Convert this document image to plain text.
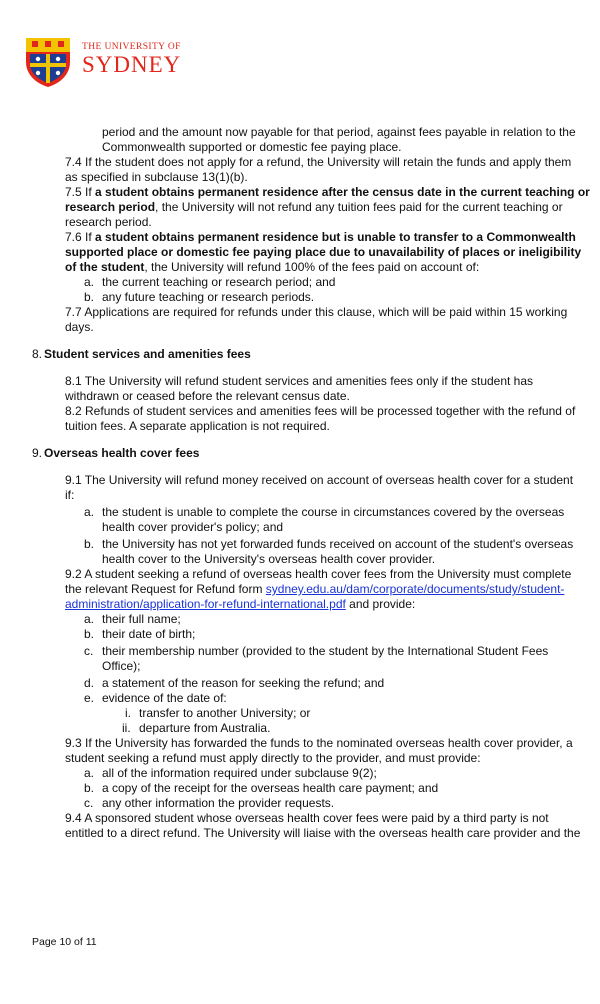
THE UNIVERSITY OF
SYDNEY
period and the amount now payable for that period, against fees payable in relation to the
Commonwealth supported or domestic fee paying place.
7.4 If the student does not apply for a refund, the University will retain the funds and apply them
as specified in subclause 13(1)(b).
7.5 If a student obtains permanent residence after the census date in the current teaching or
research period, the University will not refund any tuition fees paid for the current teaching or
research period.
7.6 If a student obtains permanent residence but is unable to transfer to a Commonwealth
supported place or domestic fee paying place due to unavailability of places or ineligibility
of the student, the University will refund 100% of the fees paid on account of:
a. the current teaching or research period; and
b. any future teaching or research periods.
7.7 Applications are required for refunds under this clause, which will be paid within 15 working
days.
8. Student services and amenities fees
8.1 The University will refund student services and amenities fees only if the student has
withdrawn or ceased before the relevant census date.
8.2 Refunds of student services and amenities fees will be processed together with the refund of
tuition fees. A separate application is not required.
9. Overseas health cover fees
9.1 The University will refund money received on account of overseas health cover for a student
if:
a. the student is unable to complete the course in circumstances covered by the overseas
health cover provider's policy; and
b. the University has not yet forwarded funds received on account of the student's overseas
health cover to the University's overseas health cover provider.
9.2 A student seeking a refund of overseas health cover fees from the University must complete
the relevant Request for Refund form sydney.edu.au/dam/corporate/documents/study/student-
administration/application-for-refund-international.pdf and provide:
a. their full name;
b. their date of birth;
c. their membership number (provided to the student by the International Student Fees
Office);
d. a statement of the reason for seeking the refund; and
e. evidence of the date of:
i. transfer to another University; or
ii. departure from Australia.
9.3 If the University has forwarded the funds to the nominated overseas health cover provider, a
student seeking a refund must apply directly to the provider, and must provide:
a. all of the information required under subclause 9(2);
b. a copy of the receipt for the overseas health care payment; and
c. any other information the provider requests.
9.4 A sponsored student whose overseas health cover fees were paid by a third party is not
entitled to a direct refund. The University will liaise with the overseas health care provider and the
Page 10 of 11
